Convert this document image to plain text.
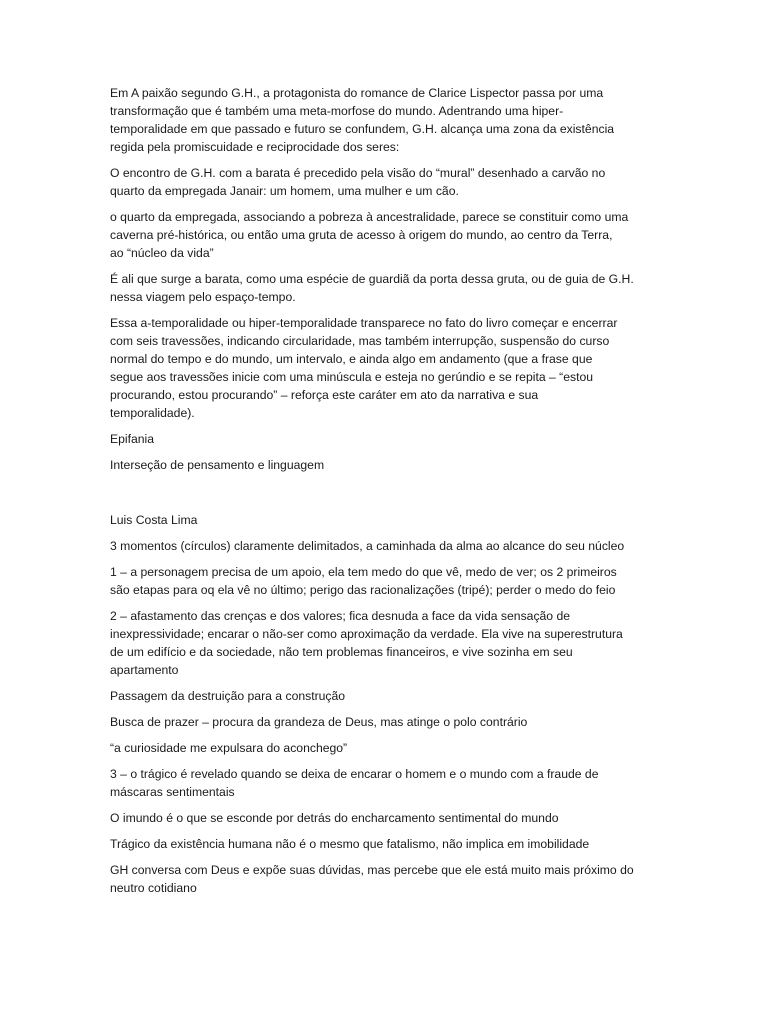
Em A paixão segundo G.H., a protagonista do romance de Clarice Lispector passa por uma
transformação que é também uma meta-morfose do mundo. Adentrando uma hiper-
temporalidade em que passado e futuro se confundem, G.H. alcança uma zona da existência
regida pela promiscuidade e reciprocidade dos seres:

O encontro de G.H. com a barata é precedido pela visão do “mural” desenhado a carvão no
quarto da empregada Janair: um homem, uma mulher e um cão.

o quarto da empregada, associando a pobreza à ancestralidade, parece se constituir como uma
caverna pré-histórica, ou então uma gruta de acesso à origem do mundo, ao centro da Terra,
ao “núcleo da vida”

É ali que surge a barata, como uma espécie de guardiã da porta dessa gruta, ou de guia de G.H.
nessa viagem pelo espaço-tempo.

Essa a-temporalidade ou hiper-temporalidade transparece no fato do livro começar e encerrar
com seis travessões, indicando circularidade, mas também interrupção, suspensão do curso
normal do tempo e do mundo, um intervalo, e ainda algo em andamento (que a frase que
segue aos travessões inicie com uma minúscula e esteja no gerúndio e se repita – “estou
procurando, estou procurando” – reforça este caráter em ato da narrativa e sua
temporalidade).

Epifania

Interseção de pensamento e linguagem

Luis Costa Lima

3 momentos (círculos) claramente delimitados, a caminhada da alma ao alcance do seu núcleo

1 – a personagem precisa de um apoio, ela tem medo do que vê, medo de ver; os 2 primeiros
são etapas para oq ela vê no último; perigo das racionalizações (tripé); perder o medo do feio

2 – afastamento das crenças e dos valores; fica desnuda a face da vida sensação de
inexpressividade; encarar o não-ser como aproximação da verdade. Ela vive na superestrutura
de um edifício e da sociedade, não tem problemas financeiros, e vive sozinha em seu
apartamento

Passagem da destruição para a construção

Busca de prazer – procura da grandeza de Deus, mas atinge o polo contrário

“a curiosidade me expulsara do aconchego”

3 – o trágico é revelado quando se deixa de encarar o homem e o mundo com a fraude de
máscaras sentimentais

O imundo é o que se esconde por detrás do encharcamento sentimental do mundo

Trágico da existência humana não é o mesmo que fatalismo, não implica em imobilidade

GH conversa com Deus e expõe suas dúvidas, mas percebe que ele está muito mais próximo do
neutro cotidiano
